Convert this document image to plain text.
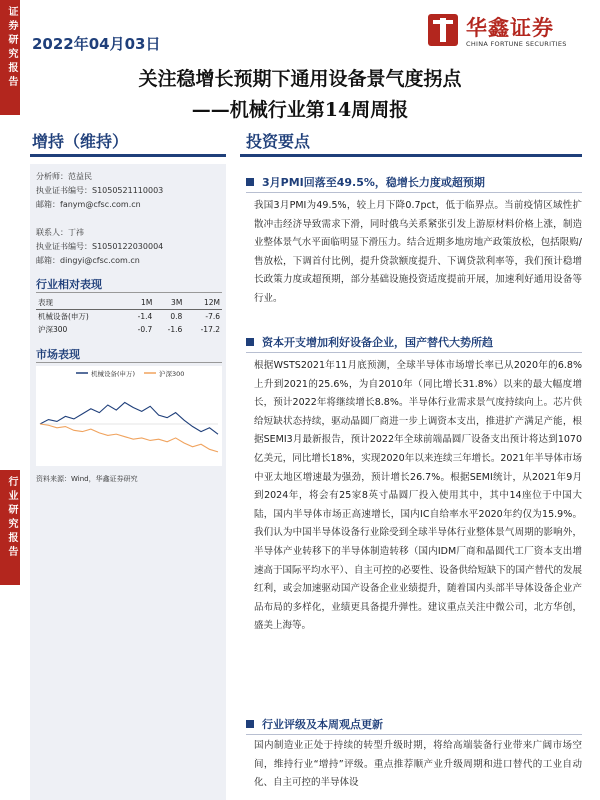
证券研究报告
行业研究报告
2022年04月03日
华鑫证券
CHINA FORTUNE SECURITIES
关注稳增长预期下通用设备景气度拐点
——机械行业第14周周报
增持（维持）	投资要点
分析师：范益民
执业证书编号：S1050521110003
邮箱：fanym@cfsc.com.cn
联系人：丁祎
执业证书编号：S1050122030004
邮箱：dingyi@cfsc.com.cn
行业相对表现
表现	1M	3M	12M
机械设备(申万)	-1.4	0.8	-7.6
沪深300	-0.7	-1.6	-17.2
市场表现
机械设备(申万)	沪深300
资料来源：Wind，华鑫证券研究
3月PMI回落至49.5%，稳增长力度或超预期

我国3月PMI为49.5%，较上月下降0.7pct，低于临界点。当前疫情区域性扩散冲击经济导致需求下滑，同时俄乌关系紧张引发上游原材料价格上涨，制造业整体景气水平面临明显下滑压力。结合近期多地房地产政策放松，包括限购/售放松，下调首付比例，提升贷款额度提升、下调贷款利率等，我们预计稳增长政策力度或超预期，部分基础设施投资适度提前开展，加速利好通用设备等行业。

资本开支增加利好设备企业，国产替代大势所趋

根据WSTS2021年11月底预测，全球半导体市场增长率已从2020年的6.8%上升到2021的25.6%，为自2010年（同比增长31.8%）以来的最大幅度增长，预计2022年将继续增长8.8%。半导体行业需求景气度持续向上。芯片供给短缺状态持续，驱动晶圆厂商进一步上调资本支出，推进扩产满足产能，根据SEMI3月最新报告，预计2022年全球前端晶圆厂设备支出预计将达到1070亿美元，同比增长18%，实现2020年以来连续三年增长。2021年半导体市场中亚太地区增速最为强劲，预计增长26.7%。根据SEMI统计，从2021年9月到2024年，将会有25家8英寸晶圆厂投入使用其中，其中14座位于中国大陆，国内半导体市场正高速增长，国内IC自给率水平2020年约仅为15.9%。我们认为中国半导体设备行业除受到全球半导体行业整体景气周期的影响外，半导体产业转移下的半导体制造转移（国内IDM厂商和晶圆代工厂资本支出增速高于国际平均水平）、自主可控的必要性、设备供给短缺下的国产替代的发展红利，或会加速驱动国产设备企业业绩提升，随着国内头部半导体设备企业产品布局的多样化，业绩更具备提升弹性。建议重点关注中微公司，北方华创，盛美上海等。

行业评级及本周观点更新

国内制造业正处于持续的转型升级时期，将给高端装备行业带来广阔市场空间，维持行业“增持”评级。重点推荐顺产业升级周期和进口替代的工业自动化、自主可控的半导体设
